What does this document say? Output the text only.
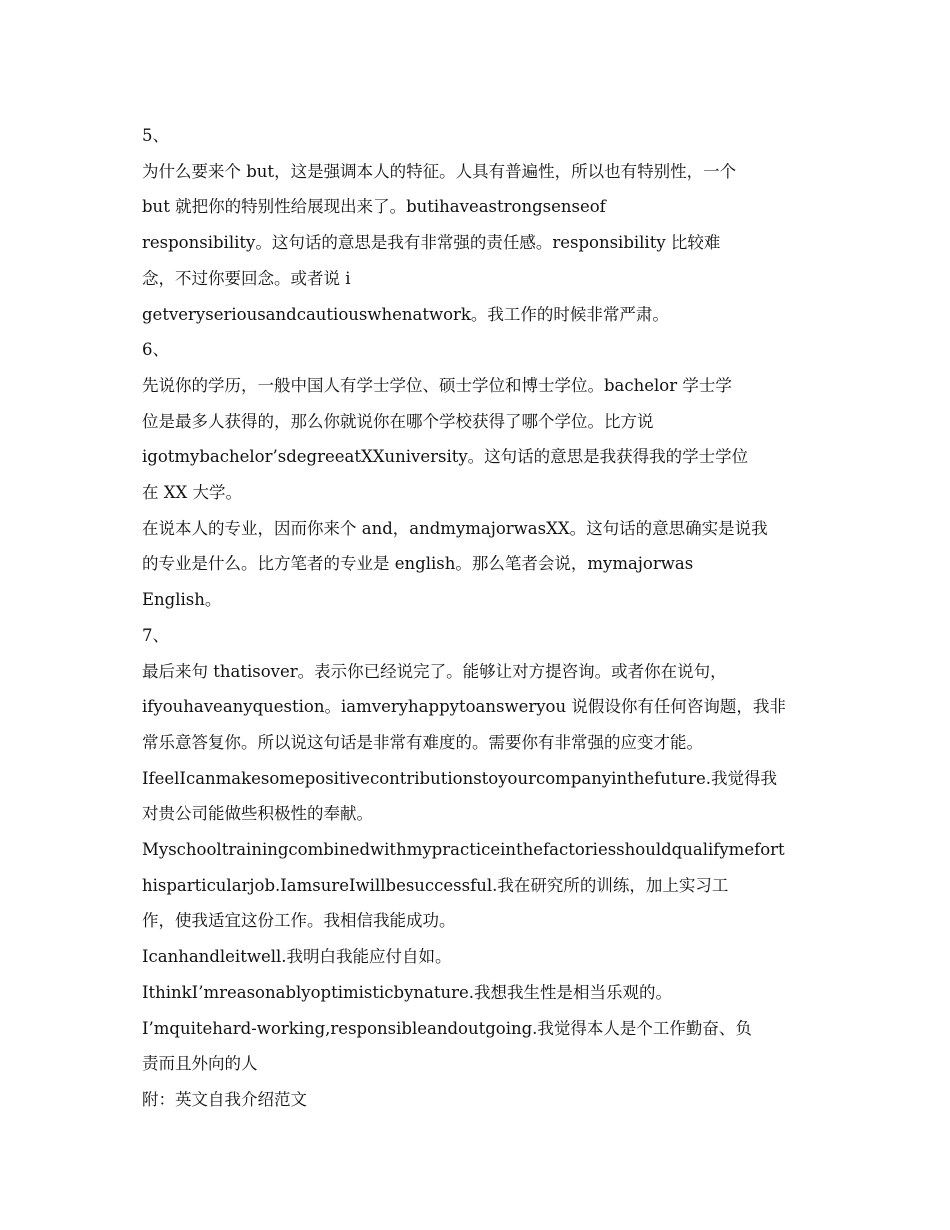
5、

为什么要来个 but，这是强调本人的特征。人具有普遍性，所以也有特别性，一个

but 就把你的特别性给展现出来了。butihaveastrongsenseof

responsibility。这句话的意思是我有非常强的责任感。responsibility 比较难

念，不过你要回念。或者说 i

getveryseriousandcautiouswhenatwork。我工作的时候非常严肃。

6、

先说你的学历，一般中国人有学士学位、硕士学位和博士学位。bachelor 学士学

位是最多人获得的，那么你就说你在哪个学校获得了哪个学位。比方说

igotmybachelor’sdegreeatXXuniversity。这句话的意思是我获得我的学士学位

在 XX 大学。

在说本人的专业，因而你来个 and，andmymajorwasXX。这句话的意思确实是说我

的专业是什么。比方笔者的专业是 english。那么笔者会说，mymajorwas

English。

7、

最后来句 thatisover。表示你已经说完了。能够让对方提咨询。或者你在说句，

ifyouhaveanyquestion。iamveryhappytoansweryou 说假设你有任何咨询题，我非

常乐意答复你。所以说这句话是非常有难度的。需要你有非常强的应变才能。

IfeelIcanmakesomepositivecontributionstoyourcompanyinthefuture.我觉得我

对贵公司能做些积极性的奉献。

Myschooltrainingcombinedwithmypracticeinthefactoriesshouldqualifymefort

hisparticularjob.IamsureIwillbesuccessful.我在研究所的训练，加上实习工

作，使我适宜这份工作。我相信我能成功。

Icanhandleitwell.我明白我能应付自如。

IthinkI’mreasonablyoptimisticbynature.我想我生性是相当乐观的。

I’mquitehard-working,responsibleandoutgoing.我觉得本人是个工作勤奋、负

责而且外向的人

附：英文自我介绍范文
